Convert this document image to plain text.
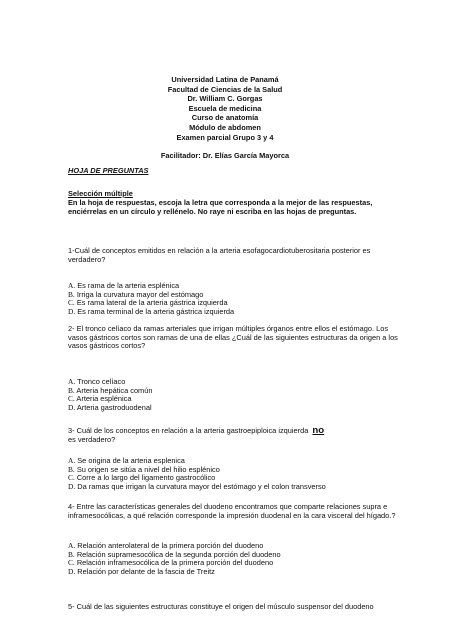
Universidad Latina de Panamá
Facultad de Ciencias de la Salud
Dr. William C. Gorgas
Escuela de medicina
Curso de anatomía
Módulo de abdomen
Examen parcial Grupo 3 y 4
Facilitador: Dr. Elías García Mayorca
HOJA DE PREGUNTAS
Selección múltiple
En la hoja de respuestas, escoja la letra que corresponda a la mejor de las respuestas, enciérrelas en un círculo y rellénelo. No raye ni escriba en las hojas de preguntas.
1-Cuál de conceptos emitidos en relación a la arteria esofagocardiotuberositaria posterior es verdadero?
A. Es rama de la arteria esplénica
B. Irriga la curvatura mayor del estómago
C. Es rama lateral de la arteria gástrica izquierda
D. Es rama terminal de la arteria gástrica izquierda
2- El tronco celíaco da ramas arteriales que irrigan múltiples órganos entre ellos el estómago. Los vasos gástricos cortos son ramas de una de ellas ¿Cuál de las siguientes estructuras da origen a los vasos gástricos cortos?
A. Tronco celíaco
B. Arteria hepática común
C. Arteria esplénica
D. Arteria gastroduodenal
3- Cuál de los conceptos en relación a la arteria gastroepiploica izquierda no
es verdadero?
A. Se origina de la arteria esplenica
B. Su origen se sitúa a nivel del hilio esplénico
C. Corre a lo largo del ligamento gastrocólico
D. Da ramas que irrigan la curvatura mayor del estómago y el colon transverso
4- Entre las características generales del duodeno encontramos que comparte relaciones supra e inframesocólicas, a qué relación corresponde la impresión duodenal en la cara visceral del hígado.?
A. Relación anterolateral de la primera porción del duodeno
B. Relación supramesocólica de la segunda porción del duodeno
C. Relación inframesocólica de la primera porción del duodeno
D. Relación por delante de la fascia de Treitz
5- Cuál de las siguientes estructuras constituye el origen del músculo suspensor del duodeno
